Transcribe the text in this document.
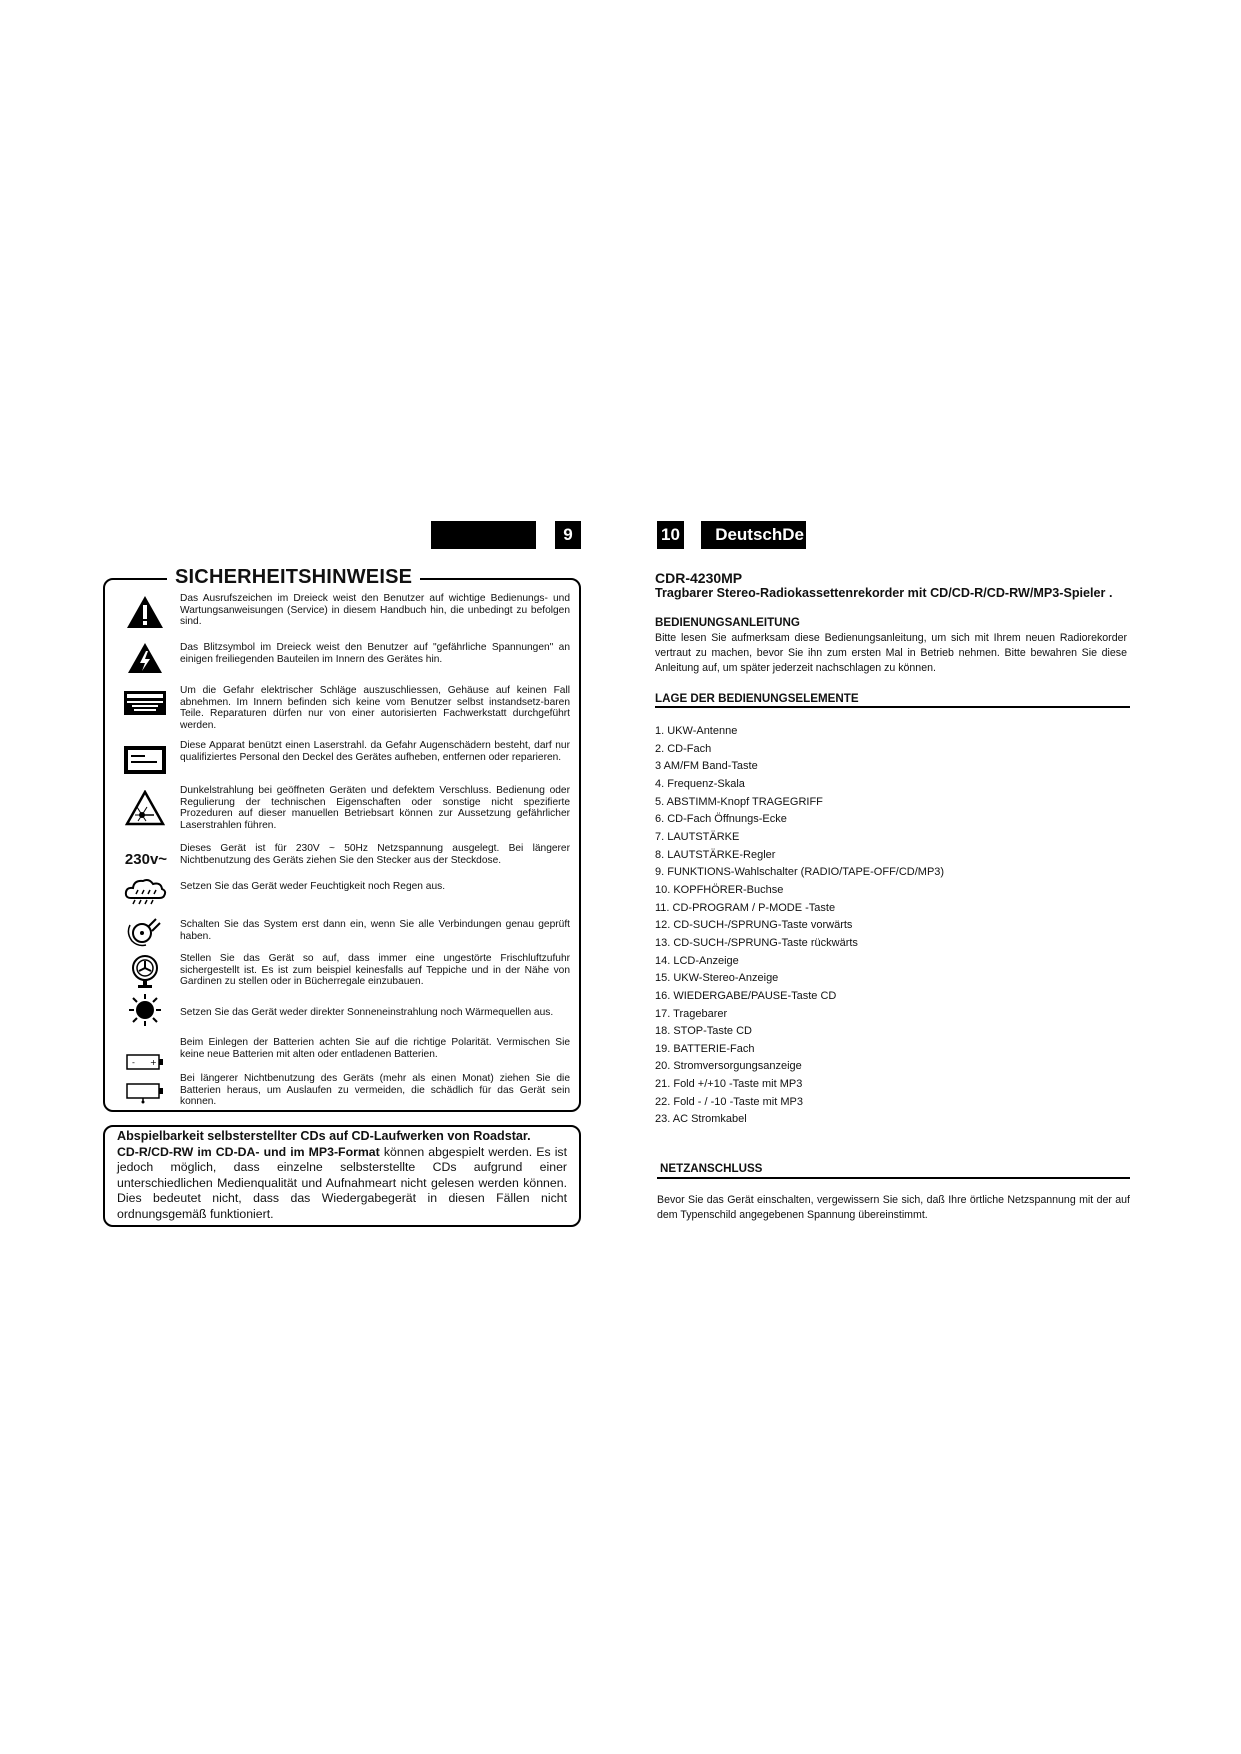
9	10	DeutschDe
SICHERHEITSHINWEISE
Das Ausrufszeichen im Dreieck weist den Benutzer auf wichtige Bedienungs- und Wartungsanweisungen (Service) in diesem Handbuch hin, die unbedingt zu befolgen sind.
Das Blitzsymbol im Dreieck weist den Benutzer auf "gefährliche Spannungen" an einigen freiliegenden Bauteilen im Innern des Gerätes hin.
Um die Gefahr elektrischer Schläge auszuschliessen, Gehäuse auf keinen Fall abnehmen. Im Innern befinden sich keine vom Benutzer selbst instandsetz-baren Teile. Reparaturen dürfen nur von einer autorisierten Fachwerkstatt durchgeführt werden.
Diese Apparat benützt einen Laserstrahl. da Gefahr Augenschädern besteht, darf nur qualifiziertes Personal den Deckel des Gerätes aufheben, entfernen oder reparieren.
Dunkelstrahlung bei geöffneten Geräten und defektem Verschluss. Bedienung oder Regulierung der technischen Eigenschaften oder sonstige nicht spezifierte Prozeduren auf dieser manuellen Betriebsart können zur Aussetzung gefährlicher Laserstrahlen führen.
230v~
Dieses Gerät ist für 230V ~ 50Hz Netzspannung ausgelegt. Bei längerer Nichtbenutzung des Geräts ziehen Sie den Stecker aus der Steckdose.
Setzen Sie das Gerät weder Feuchtigkeit noch Regen aus.
Schalten Sie das System erst dann ein, wenn Sie alle Verbindungen genau geprüft haben.
Stellen Sie das Gerät so auf, dass immer eine ungestörte Frischluftzufuhr sichergestellt ist. Es ist zum beispiel keinesfalls auf Teppiche und in der Nähe von Gardinen zu stellen oder in Bücherregale einzubauen.
Setzen Sie das Gerät weder direkter Sonneneinstrahlung noch Wärmequellen aus.
- +
Beim Einlegen der Batterien achten Sie auf die richtige Polarität. Vermischen Sie keine neue Batterien mit alten oder entladenen Batterien.
Bei längerer Nichtbenutzung des Geräts (mehr als einen Monat) ziehen Sie die Batterien heraus, um Auslaufen zu vermeiden, die schädlich für das Gerät sein konnen.
Abspielbarkeit selbsterstellter CDs auf CD-Laufwerken von Roadstar.
CD-R/CD-RW im CD-DA- und im MP3-Format können abgespielt werden. Es ist jedoch möglich, dass einzelne selbsterstellte CDs aufgrund einer unterschiedlichen Medienqualität und Aufnahmeart nicht gelesen werden können. Dies bedeutet nicht, dass das Wiedergabegerät in diesen Fällen nicht ordnungsgemäß funktioniert.
CDR-4230MP
Tragbarer Stereo-Radiokassettenrekorder mit CD/CD-R/CD-RW/MP3-Spieler .
BEDIENUNGSANLEITUNG
Bitte lesen Sie aufmerksam diese Bedienungsanleitung, um sich mit Ihrem neuen Radiorekorder vertraut zu machen, bevor Sie ihn zum ersten Mal in Betrieb nehmen. Bitte bewahren Sie diese Anleitung auf, um später jederzeit nachschlagen zu können.
LAGE DER BEDIENUNGSELEMENTE
1. UKW-Antenne
2. CD-Fach
3 AM/FM Band-Taste
4. Frequenz-Skala
5. ABSTIMM-Knopf TRAGEGRIFF
6. CD-Fach Öffnungs-Ecke
7. LAUTSTÄRKE
8. LAUTSTÄRKE-Regler
9. FUNKTIONS-Wahlschalter (RADIO/TAPE-OFF/CD/MP3)
10. KOPFHÖRER-Buchse
11. CD-PROGRAM / P-MODE -Taste
12. CD-SUCH-/SPRUNG-Taste vorwärts
13. CD-SUCH-/SPRUNG-Taste rückwärts
14. LCD-Anzeige
15. UKW-Stereo-Anzeige
16. WIEDERGABE/PAUSE-Taste CD
17. Tragebarer
18. STOP-Taste CD
19. BATTERIE-Fach
20. Stromversorgungsanzeige
21. Fold +/+10 -Taste mit MP3
22. Fold - / -10 -Taste mit MP3
23. AC Stromkabel
NETZANSCHLUSS
Bevor Sie das Gerät einschalten, vergewissern Sie sich, daß Ihre örtliche Netzspannung mit der auf dem Typenschild angegebenen Spannung übereinstimmt.
